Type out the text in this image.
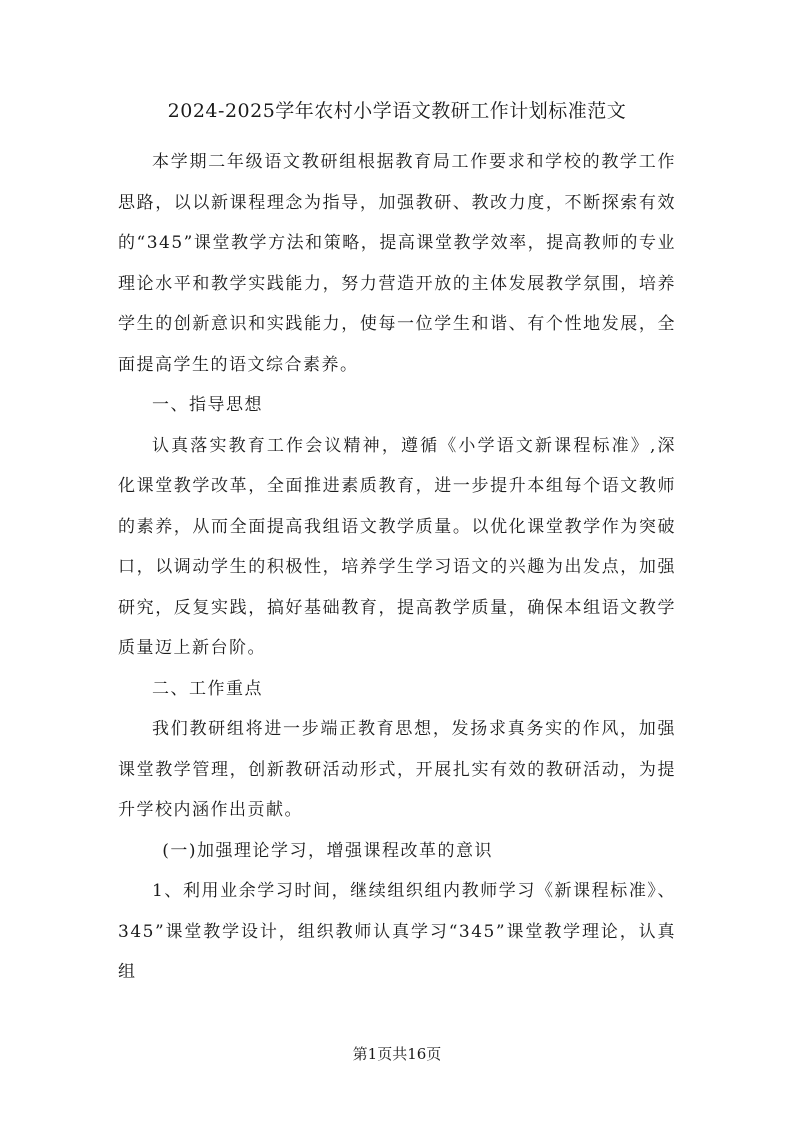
2024-2025学年农村小学语文教研工作计划标准范文

本学期二年级语文教研组根据教育局工作要求和学校的教学工作思路，以以新课程理念为指导，加强教研、教改力度，不断探索有效的“345”课堂教学方法和策略，提高课堂教学效率，提高教师的专业理论水平和教学实践能力，努力营造开放的主体发展教学氛围，培养学生的创新意识和实践能力，使每一位学生和谐、有个性地发展，全面提高学生的语文综合素养。

一、指导思想

认真落实教育工作会议精神，遵循《小学语文新课程标准》,深化课堂教学改革，全面推进素质教育，进一步提升本组每个语文教师的素养，从而全面提高我组语文教学质量。以优化课堂教学作为突破口，以调动学生的积极性，培养学生学习语文的兴趣为出发点，加强研究，反复实践，搞好基础教育，提高教学质量，确保本组语文教学质量迈上新台阶。

二、工作重点

我们教研组将进一步端正教育思想，发扬求真务实的作风，加强课堂教学管理，创新教研活动形式，开展扎实有效的教研活动，为提升学校内涵作出贡献。

(一)加强理论学习，增强课程改革的意识

1、利用业余学习时间，继续组织组内教师学习《新课程标准》、345”课堂教学设计，组织教师认真学习“345”课堂教学理论，认真组

第1页共16页
